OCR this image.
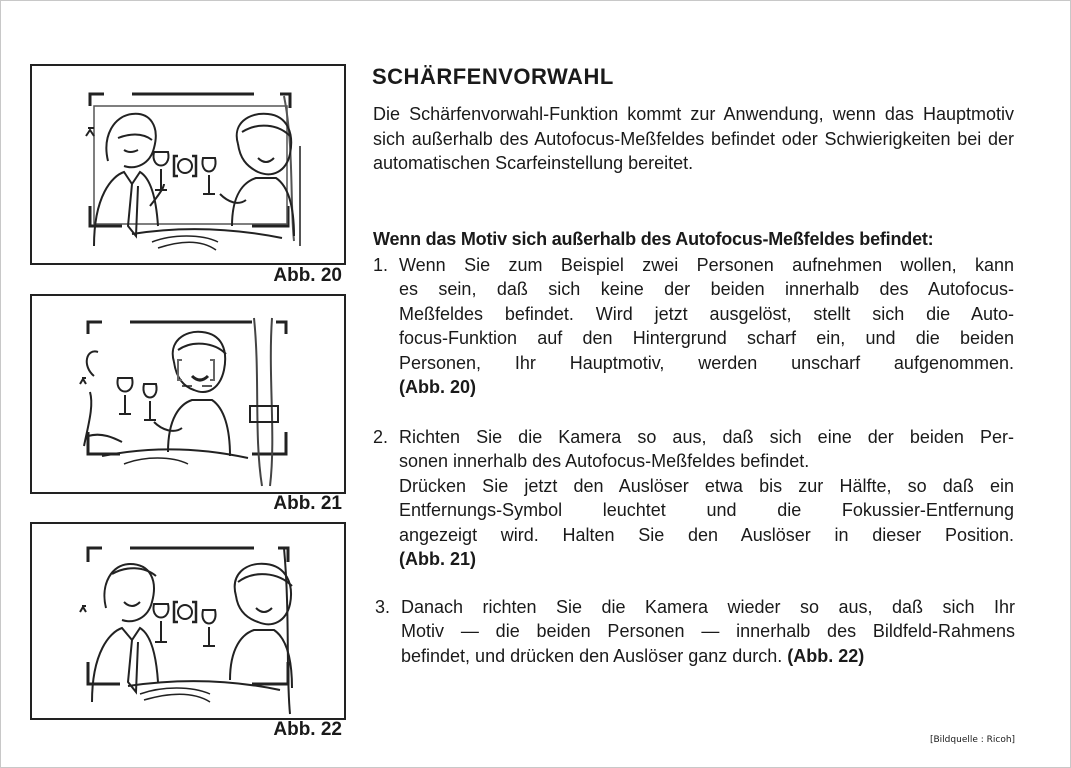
Abb. 20
Abb. 21
Abb. 22
SCHÄRFENVORWAHL
Die Schärfenvorwahl-Funktion kommt zur Anwendung, wenn das Hauptmotiv sich außerhalb des Autofocus-Meßfeldes befindet oder Schwierigkeiten bei der automatischen Scarfeinstellung bereitet.
Wenn das Motiv sich außerhalb des Autofocus-Meßfeldes befindet:
1. Wenn Sie zum Beispiel zwei Personen aufnehmen wollen, kann
es sein, daß sich keine der beiden innerhalb des Autofocus-
Meßfeldes befindet. Wird jetzt ausgelöst, stellt sich die Auto-
focus-Funktion auf den Hintergrund scharf ein, und die beiden
Personen, Ihr Hauptmotiv, werden unscharf aufgenommen.
(Abb. 20)
2. Richten Sie die Kamera so aus, daß sich eine der beiden Per-
sonen innerhalb des Autofocus-Meßfeldes befindet.
Drücken Sie jetzt den Auslöser etwa bis zur Hälfte, so daß ein
Entfernungs-Symbol leuchtet und die Fokussier-Entfernung
angezeigt wird. Halten Sie den Auslöser in dieser Position.
(Abb. 21)
3. Danach richten Sie die Kamera wieder so aus, daß sich Ihr
Motiv — die beiden Personen — innerhalb des Bildfeld-Rahmens
befindet, und drücken den Auslöser ganz durch. (Abb. 22)
[Bildquelle : Ricoh]
